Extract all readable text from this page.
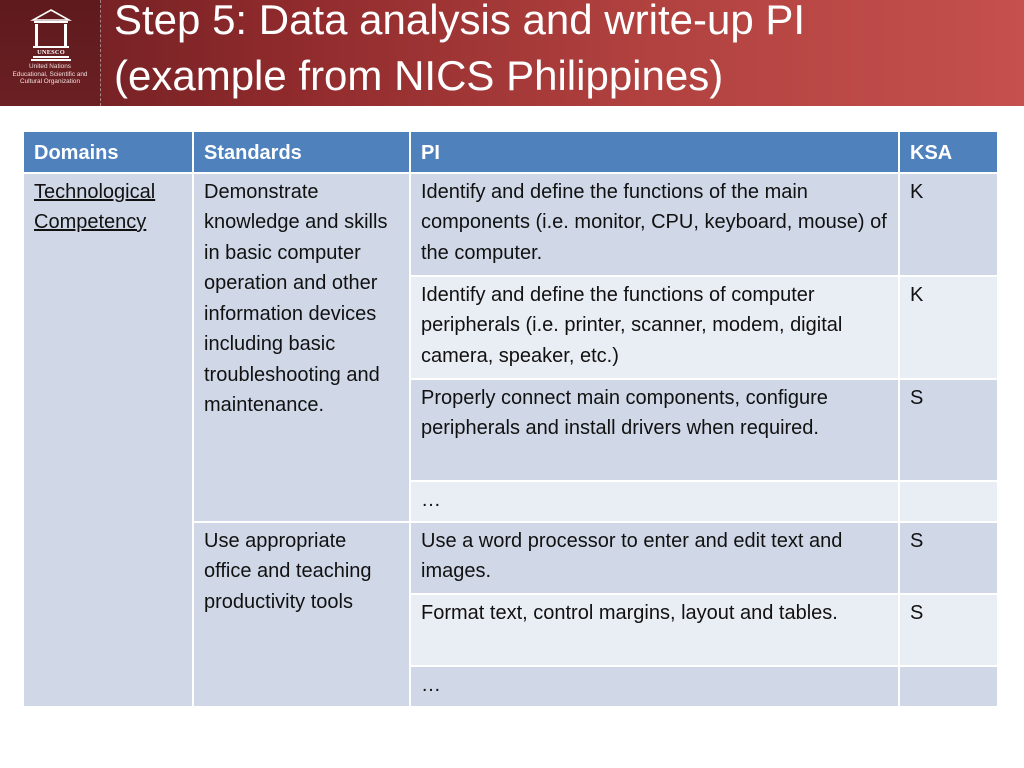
UNESCO
United Nations
Educational, Scientific and
Cultural Organization
Step 5: Data analysis and write-up PI
(example from NICS Philippines)
Domains	Standards	PI	KSA
Technological Competency	Demonstrate knowledge and skills in basic computer operation and other information devices including basic troubleshooting and maintenance.	Identify and define the functions of the main components (i.e. monitor, CPU, keyboard, mouse) of the computer.	K
		Identify and define the functions of computer peripherals (i.e. printer, scanner, modem, digital camera, speaker, etc.)	K
		Properly connect main components, configure peripherals and install drivers when required.	S
		…	
	Use appropriate office and teaching productivity tools	Use a word processor to enter and edit text and images.	S
		Format text, control margins, layout and tables.	S
		…	
